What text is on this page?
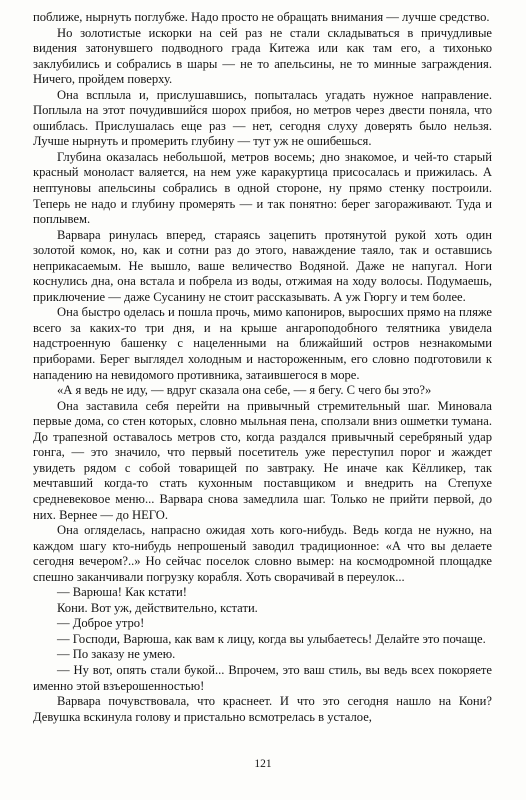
поближе, нырнуть поглубже. Надо просто не обращать внимания — лучше средство.

Но золотистые искорки на сей раз не стали складываться в причудливые видения затонувшего подводного града Китежа или как там его, а тихонько заклубились и собрались в шары — не то апельсины, не то минные заграждения. Ничего, пройдем поверху.

Она всплыла и, прислушавшись, попыталась угадать нужное направление. Поплыла на этот почудившийся шорох прибоя, но метров через двести поняла, что ошиблась. Прислушалась еще раз — нет, сегодня слуху доверять было нельзя. Лучше нырнуть и промерить глубину — тут уж не ошибешься.

Глубина оказалась небольшой, метров восемь; дно знакомое, и чей-то старый красный моноласт валяется, на нем уже каракуртица присосалась и прижилась. А нептуновы апельсины собрались в одной стороне, ну прямо стенку построили. Теперь не надо и глубину промерять — и так понятно: берег загораживают. Туда и поплывем.

Варвара ринулась вперед, стараясь зацепить протянутой рукой хоть один золотой комок, но, как и сотни раз до этого, наваждение таяло, так и оставшись неприкасаемым. Не вышло, ваше величество Водяной. Даже не напугал. Ноги коснулись дна, она встала и побрела из воды, отжимая на ходу волосы. Подумаешь, приключение — даже Сусанину не стоит рассказывать. А уж Гюргу и тем более.

Она быстро оделась и пошла прочь, мимо капониров, выросших прямо на пляже всего за каких-то три дня, и на крыше ангароподобного телятника увидела надстроенную башенку с нацеленными на ближайший остров незнакомыми приборами. Берег выглядел холодным и настороженным, его словно подготовили к нападению на невидомого противника, затаившегося в море.

«А я ведь не иду, — вдруг сказала она себе, — я бегу. С чего бы это?»

Она заставила себя перейти на привычный стремительный шаг. Миновала первые дома, со стен которых, словно мыльная пена, сползали вниз ошметки тумана. До трапезной оставалось метров сто, когда раздался привычный серебряный удар гонга, — это значило, что первый посетитель уже переступил порог и жаждет увидеть рядом с собой товарищей по завтраку. Не иначе как Кёлликер, так мечтавший когда-то стать кухонным поставщиком и внедрить на Степухе средневековое меню... Варвара снова замедлила шаг. Только не прийти первой, до них. Вернее — до НЕГО.

Она огляделась, напрасно ожидая хоть кого-нибудь. Ведь когда не нужно, на каждом шагу кто-нибудь непрошеный заводил традиционное: «А что вы делаете сегодня вечером?..» Но сейчас поселок словно вымер: на космодромной площадке спешно заканчивали погрузку корабля. Хоть сворачивай в переулок...

— Варюша! Как кстати!

Кони. Вот уж, действительно, кстати.

— Доброе утро!

— Господи, Варюша, как вам к лицу, когда вы улыбаетесь! Делайте это почаще.

— По заказу не умею.

— Ну вот, опять стали букой... Впрочем, это ваш стиль, вы ведь всех покоряете именно этой взъерошенностью!

Варвара почувствовала, что краснеет. И что это сегодня нашло на Кони? Девушка вскинула голову и пристально всмотрелась в усталое,

121
